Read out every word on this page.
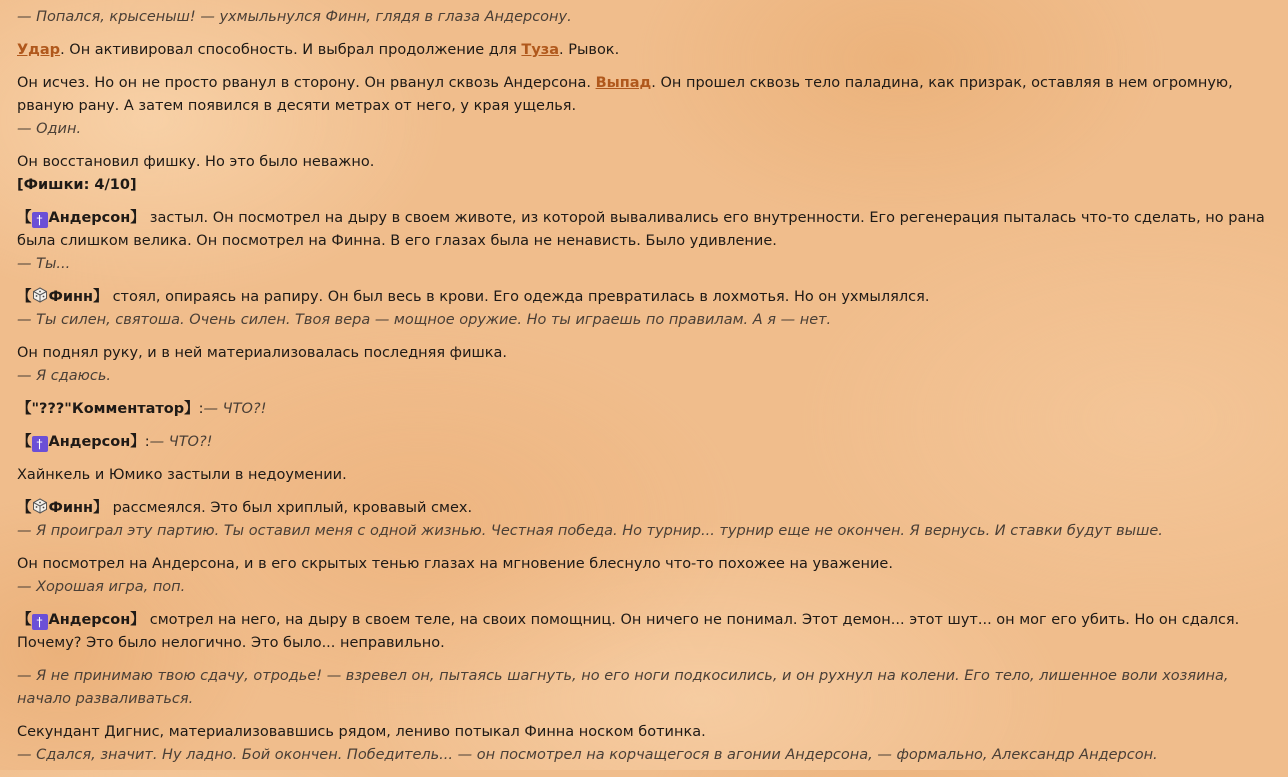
— Попался, крысеныш! — ухмыльнулся Финн, глядя в глаза Андерсону.

Удар. Он активировал способность. И выбрал продолжение для Туза. Рывок.

Он исчез. Но он не просто рванул в сторону. Он рванул сквозь Андерсона. Выпад. Он прошел сквозь тело паладина, как призрак, оставляя в нем огромную, рваную рану. А затем появился в десяти метрах от него, у края ущелья.
— Один.

Он восстановил фишку. Но это было неважно.
[Фишки: 4/10]

【 † Андерсон】 застыл. Он посмотрел на дыру в своем животе, из которой вываливались его внутренности. Его регенерация пыталась что-то сделать, но рана была слишком велика. Он посмотрел на Финна. В его глазах была не ненависть. Было удивление.
— Ты...

【 Финн】 стоял, опираясь на рапиру. Он был весь в крови. Его одежда превратилась в лохмотья. Но он ухмылялся.
— Ты силен, святоша. Очень силен. Твоя вера — мощное оружие. Но ты играешь по правилам. А я — нет.

Он поднял руку, и в ней материализовалась последняя фишка.
— Я сдаюсь.

【"???"Комментатор】:— ЧТО?!

【 † Андерсон】:— ЧТО?!

Хайнкель и Юмико застыли в недоумении.

【 Финн】 рассмеялся. Это был хриплый, кровавый смех.
— Я проиграл эту партию. Ты оставил меня с одной жизнью. Честная победа. Но турнир... турнир еще не окончен. Я вернусь. И ставки будут выше.

Он посмотрел на Андерсона, и в его скрытых тенью глазах на мгновение блеснуло что-то похожее на уважение.
— Хорошая игра, поп.

【 † Андерсон】 смотрел на него, на дыру в своем теле, на своих помощниц. Он ничего не понимал. Этот демон... этот шут... он мог его убить. Но он сдался. Почему? Это было нелогично. Это было... неправильно.

— Я не принимаю твою сдачу, отродье! — взревел он, пытаясь шагнуть, но его ноги подкосились, и он рухнул на колени. Его тело, лишенное воли хозяина, начало разваливаться.

Секундант Дигнис, материализовавшись рядом, лениво потыкал Финна носком ботинка.
— Сдался, значит. Ну ладно. Бой окончен. Победитель... — он посмотрел на корчащегося в агонии Андерсона, — формально, Александр Андерсон.
